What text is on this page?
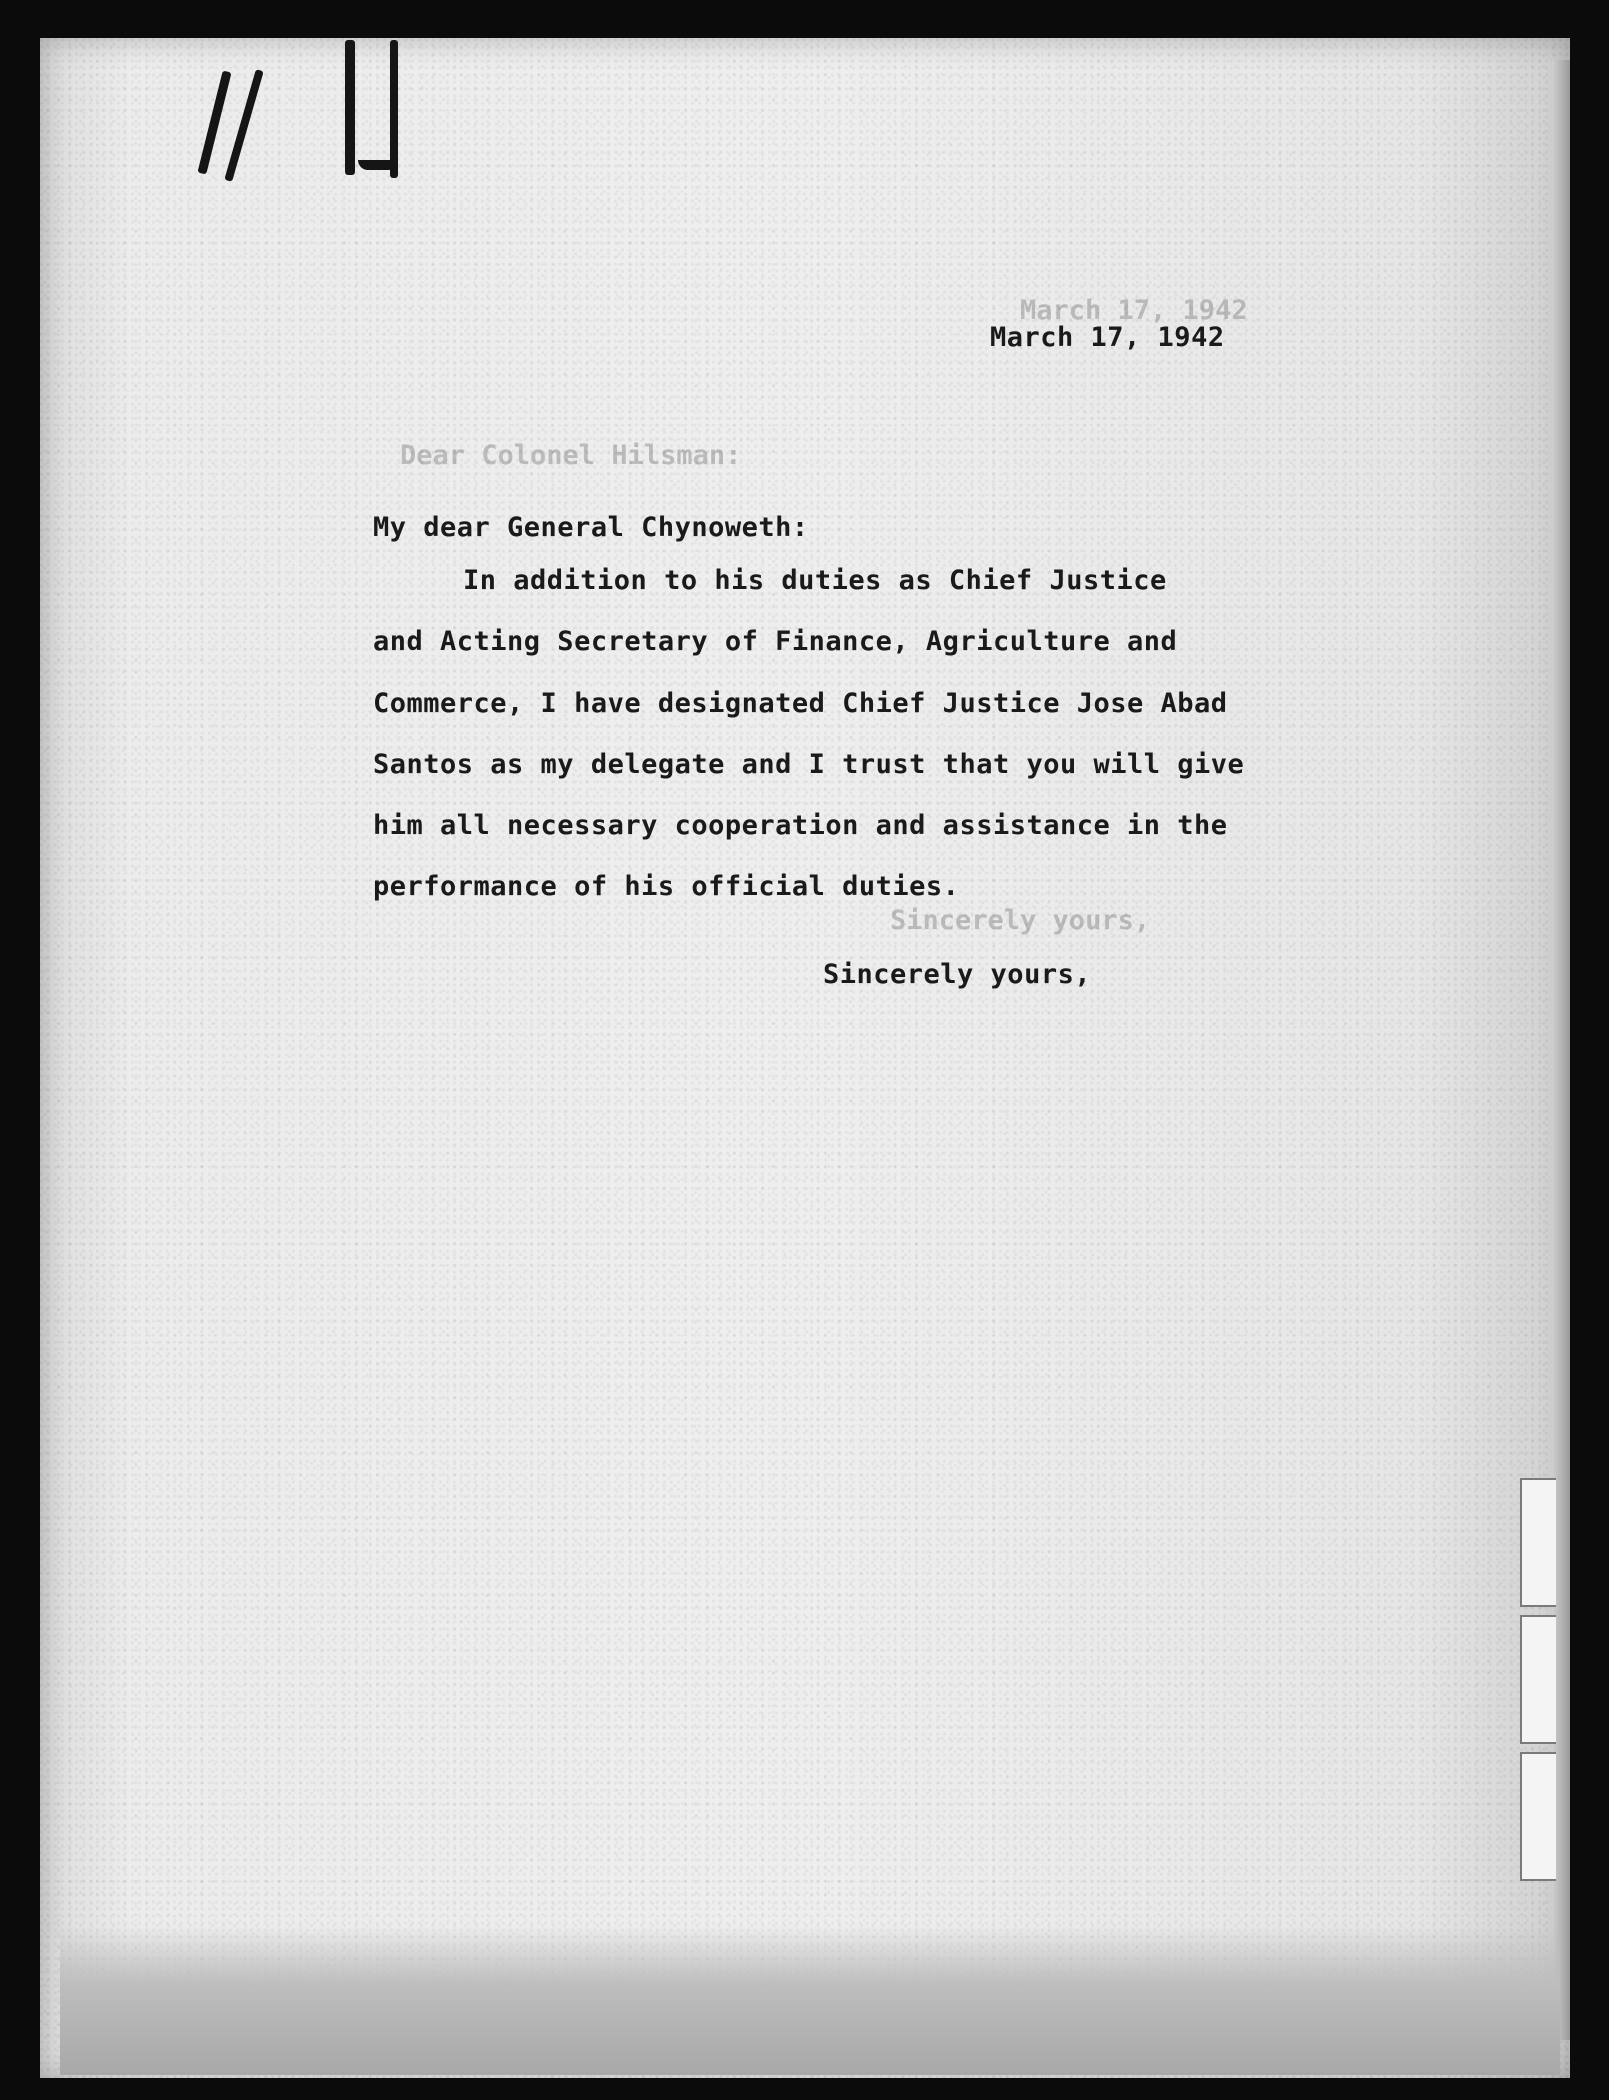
March 17, 1942
Dear Colonel Hilsman:
Sincerely yours,
March 17, 1942
My dear General Chynoweth:
In addition to his duties as Chief Justice
and Acting Secretary of Finance, Agriculture and
Commerce, I have designated Chief Justice Jose Abad
Santos as my delegate and I trust that you will give
him all necessary cooperation and assistance in the
performance of his official duties.
Sincerely yours,
